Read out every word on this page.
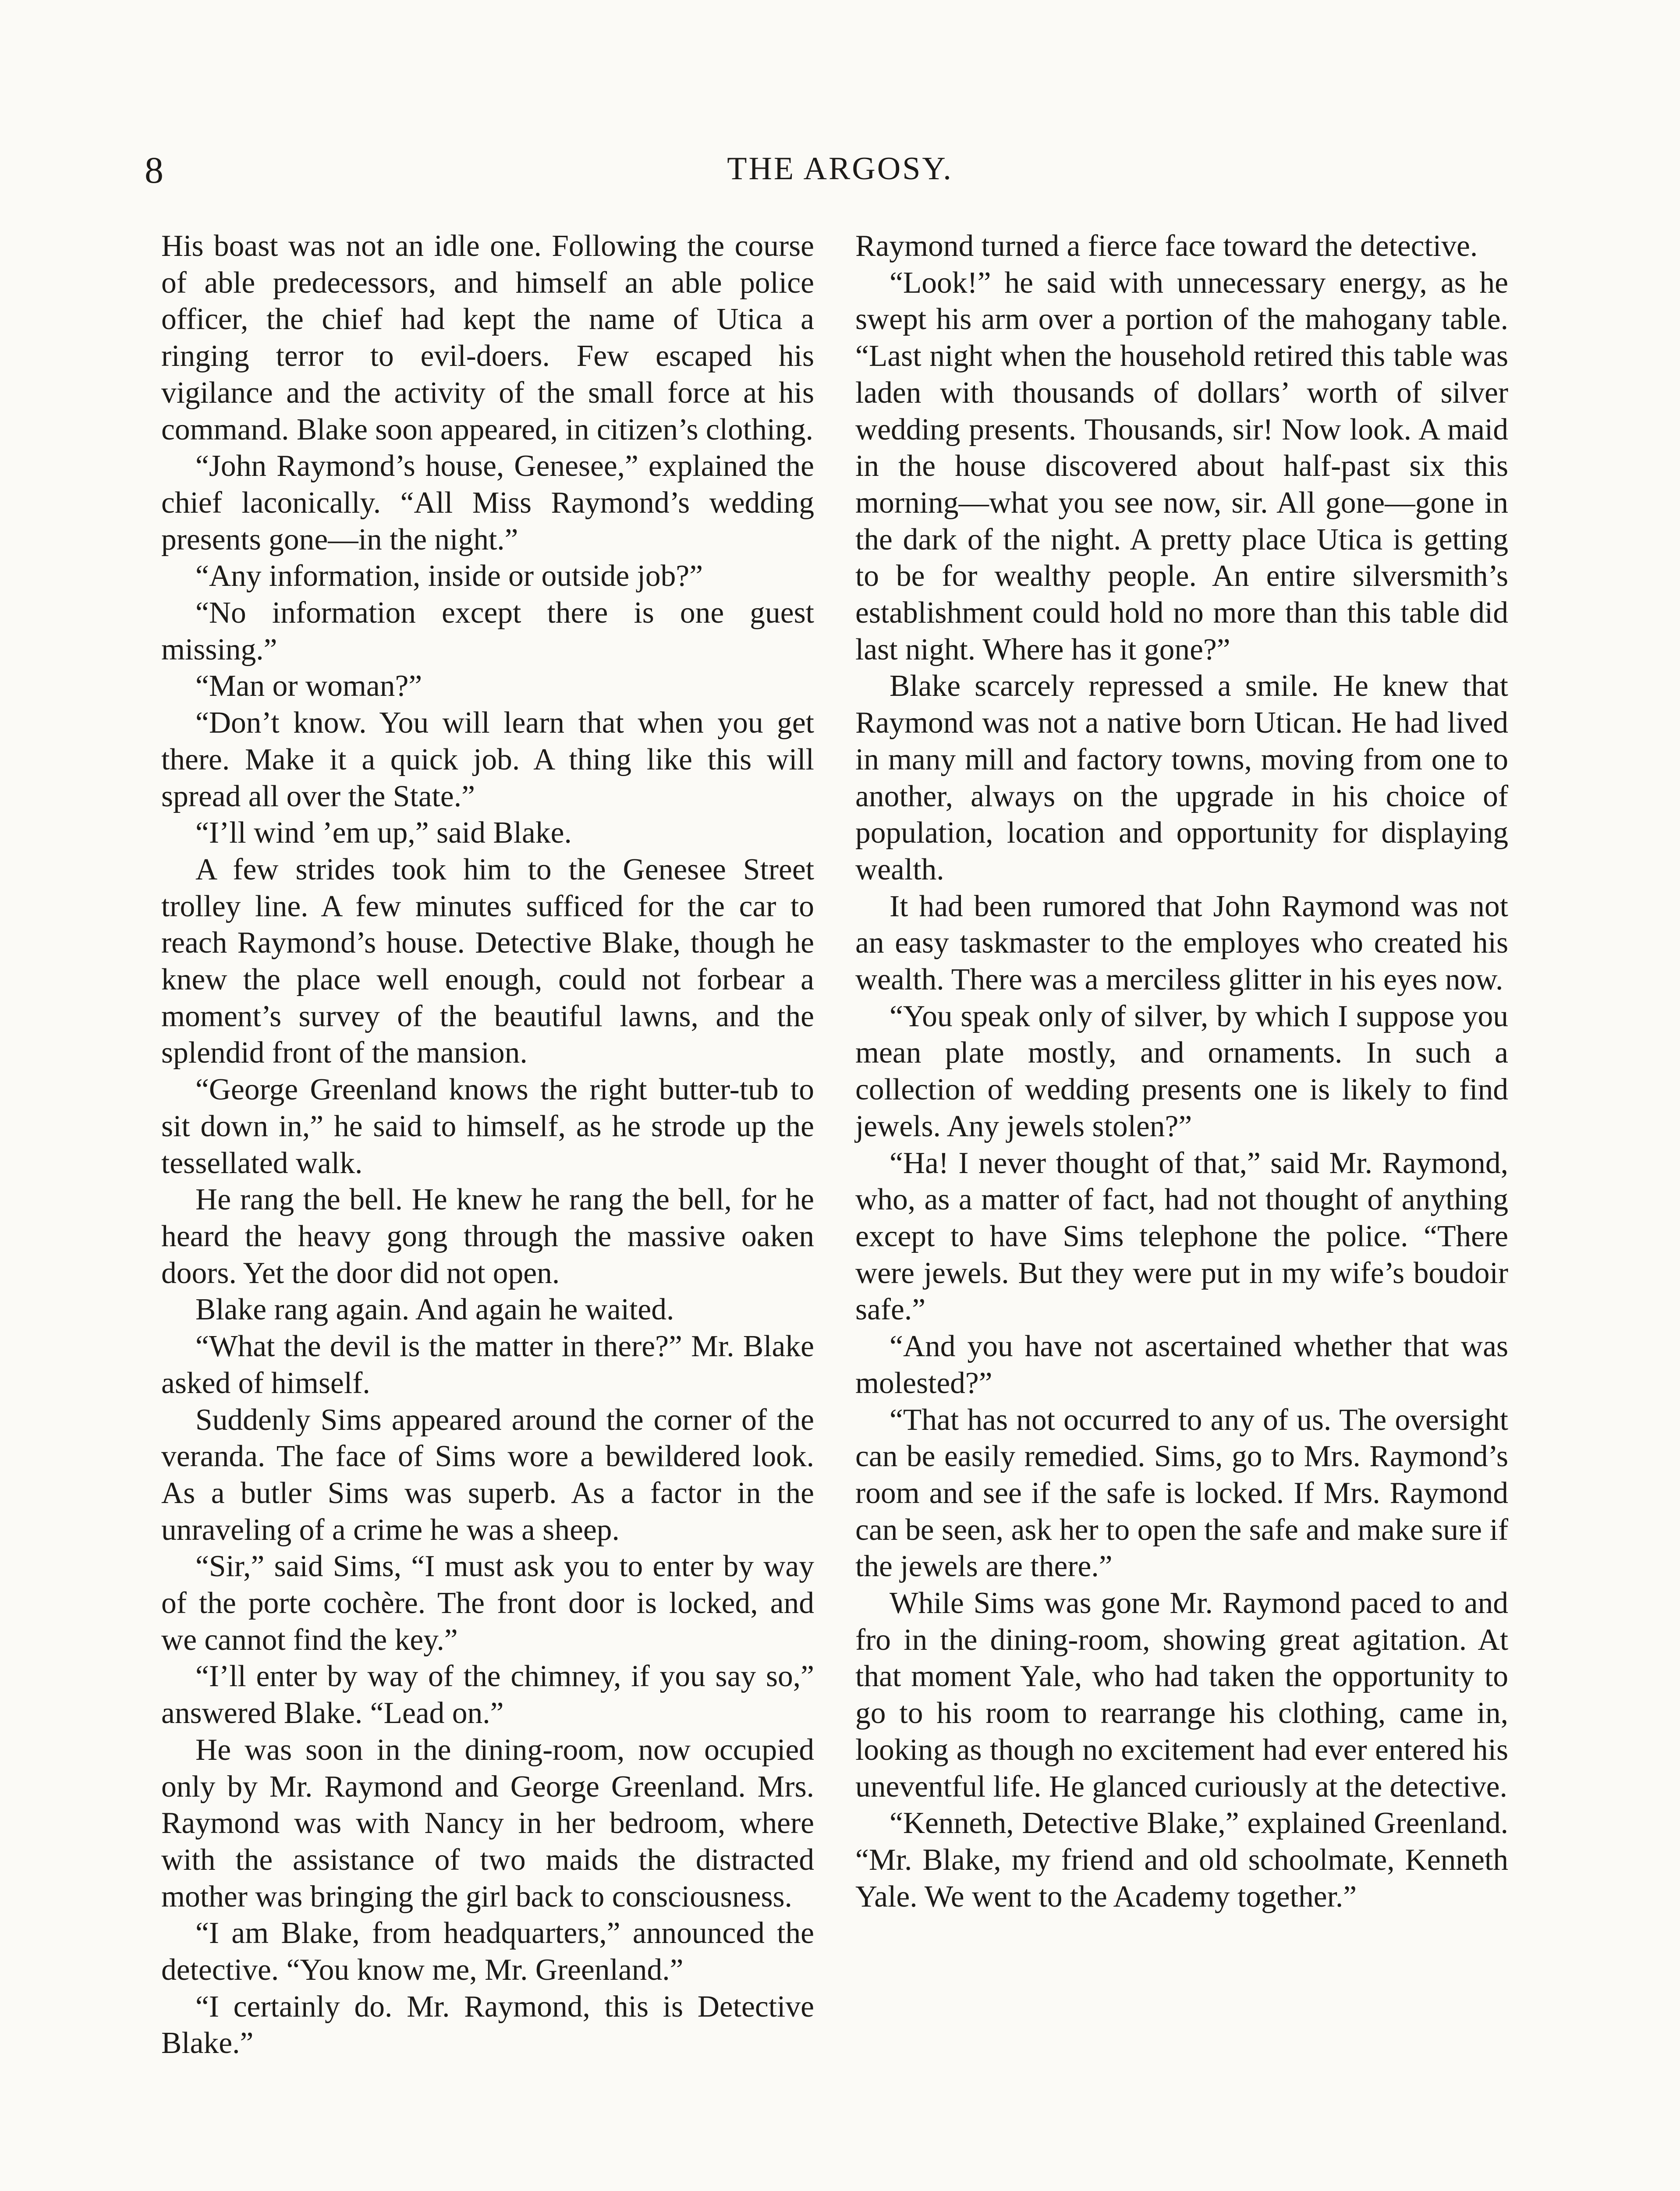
8	THE ARGOSY.

His boast was not an idle one. Following the course of able predecessors, and himself an able police officer, the chief had kept the name of Utica a ringing terror to evil-doers. Few escaped his vigilance and the activity of the small force at his command. Blake soon appeared, in citizen’s clothing.

“John Raymond’s house, Genesee,” explained the chief laconically. “All Miss Raymond’s wedding presents gone—in the night.”

“Any information, inside or outside job?”

“No information except there is one guest missing.”

“Man or woman?”

“Don’t know. You will learn that when you get there. Make it a quick job. A thing like this will spread all over the State.”

“I’ll wind ’em up,” said Blake.

A few strides took him to the Genesee Street trolley line. A few minutes sufficed for the car to reach Raymond’s house. Detective Blake, though he knew the place well enough, could not forbear a moment’s survey of the beautiful lawns, and the splendid front of the mansion.

“George Greenland knows the right butter-tub to sit down in,” he said to himself, as he strode up the tessellated walk.

He rang the bell. He knew he rang the bell, for he heard the heavy gong through the massive oaken doors. Yet the door did not open.

Blake rang again. And again he waited.

“What the devil is the matter in there?” Mr. Blake asked of himself.

Suddenly Sims appeared around the corner of the veranda. The face of Sims wore a bewildered look. As a butler Sims was superb. As a factor in the unraveling of a crime he was a sheep.

“Sir,” said Sims, “I must ask you to enter by way of the porte cochère. The front door is locked, and we cannot find the key.”

“I’ll enter by way of the chimney, if you say so,” answered Blake. “Lead on.”

He was soon in the dining-room, now occupied only by Mr. Raymond and George Greenland. Mrs. Raymond was with Nancy in her bedroom, where with the assistance of two maids the distracted mother was bringing the girl back to consciousness.

“I am Blake, from headquarters,” announced the detective. “You know me, Mr. Greenland.”

“I certainly do. Mr. Raymond, this is Detective Blake.”

Raymond turned a fierce face toward the detective.

“Look!” he said with unnecessary energy, as he swept his arm over a portion of the mahogany table. “Last night when the household retired this table was laden with thousands of dollars’ worth of silver wedding presents. Thousands, sir! Now look. A maid in the house discovered about half-past six this morning—what you see now, sir. All gone—gone in the dark of the night. A pretty place Utica is getting to be for wealthy people. An entire silversmith’s establishment could hold no more than this table did last night. Where has it gone?”

Blake scarcely repressed a smile. He knew that Raymond was not a native born Utican. He had lived in many mill and factory towns, moving from one to another, always on the upgrade in his choice of population, location and opportunity for displaying wealth.

It had been rumored that John Raymond was not an easy taskmaster to the employes who created his wealth. There was a merciless glitter in his eyes now.

“You speak only of silver, by which I suppose you mean plate mostly, and ornaments. In such a collection of wedding presents one is likely to find jewels. Any jewels stolen?”

“Ha! I never thought of that,” said Mr. Raymond, who, as a matter of fact, had not thought of anything except to have Sims telephone the police. “There were jewels. But they were put in my wife’s boudoir safe.”

“And you have not ascertained whether that was molested?”

“That has not occurred to any of us. The oversight can be easily remedied. Sims, go to Mrs. Raymond’s room and see if the safe is locked. If Mrs. Raymond can be seen, ask her to open the safe and make sure if the jewels are there.”

While Sims was gone Mr. Raymond paced to and fro in the dining-room, showing great agitation. At that moment Yale, who had taken the opportunity to go to his room to rearrange his clothing, came in, looking as though no excitement had ever entered his uneventful life. He glanced curiously at the detective.

“Kenneth, Detective Blake,” explained Greenland. “Mr. Blake, my friend and old schoolmate, Kenneth Yale. We went to the Academy together.”
